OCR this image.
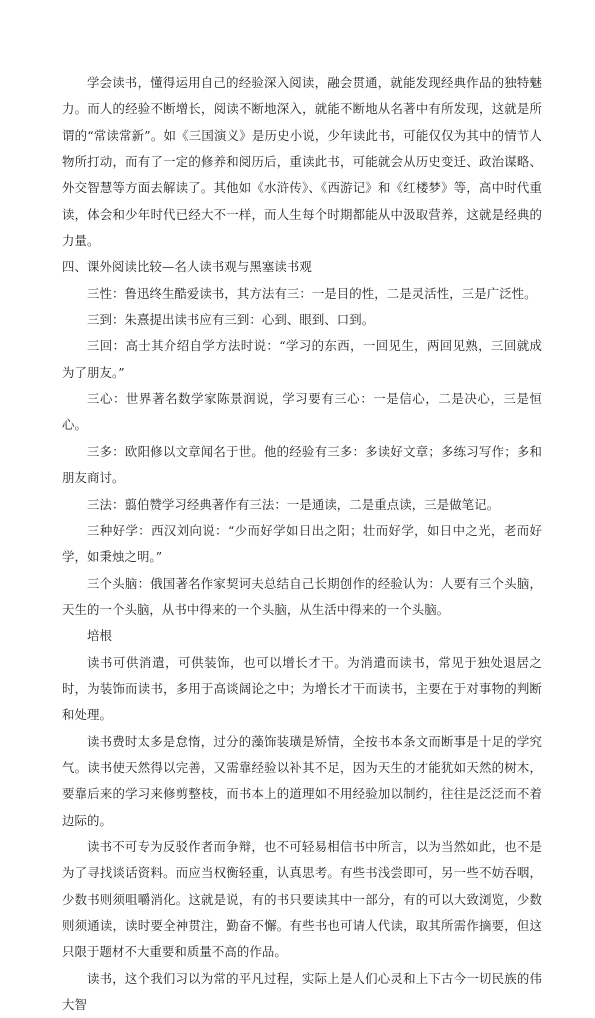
学会读书，懂得运用自己的经验深入阅读，融会贯通，就能发现经典作品的独特魅力。而人的经验不断增长，阅读不断地深入，就能不断地从名著中有所发现，这就是所谓的“常读常新”。如《三国演义》是历史小说，少年读此书，可能仅仅为其中的情节人物所打动，而有了一定的修养和阅历后，重读此书，可能就会从历史变迁、政治谋略、外交智慧等方面去解读了。其他如《水浒传》、《西游记》和《红楼梦》等，高中时代重读，体会和少年时代已经大不一样，而人生每个时期都能从中汲取营养，这就是经典的力量。

四、课外阅读比较—名人读书观与黑塞读书观

三性：鲁迅终生酷爱读书，其方法有三：一是目的性，二是灵活性，三是广泛性。

三到：朱熹提出读书应有三到：心到、眼到、口到。

三回：高士其介绍自学方法时说：“学习的东西，一回见生，两回见熟，三回就成为了朋友。”

三心：世界著名数学家陈景润说，学习要有三心：一是信心，二是决心，三是恒心。

三多：欧阳修以文章闻名于世。他的经验有三多：多读好文章；多练习写作；多和朋友商讨。

三法：翦伯赞学习经典著作有三法：一是通读，二是重点读，三是做笔记。

三种好学：西汉刘向说：“少而好学如日出之阳；壮而好学，如日中之光，老而好学，如秉烛之明。”

三个头脑：俄国著名作家契诃夫总结自己长期创作的经验认为：人要有三个头脑，天生的一个头脑，从书中得来的一个头脑，从生活中得来的一个头脑。

培根

读书可供消遣，可供装饰，也可以增长才干。为消遣而读书，常见于独处退居之时，为装饰而读书，多用于高谈阔论之中；为增长才干而读书，主要在于对事物的判断和处理。

读书费时太多是怠惰，过分的藻饰装璜是矫情，全按书本条文而断事是十足的学究气。读书使天然得以完善，又需靠经验以补其不足，因为天生的才能犹如天然的树木，要靠后来的学习来修剪整枝，而书本上的道理如不用经验加以制约，往往是泛泛而不着边际的。

读书不可专为反驳作者而争辩，也不可轻易相信书中所言，以为当然如此，也不是为了寻找谈话资料。而应当权衡轻重，认真思考。有些书浅尝即可，另一些不妨吞咽，少数书则须咀嚼消化。这就是说，有的书只要读其中一部分，有的可以大致浏览，少数则须通读，读时要全神贯注，勤奋不懈。有些书也可请人代读，取其所需作摘要，但这只限于题材不大重要和质量不高的作品。

读书，这个我们习以为常的平凡过程，实际上是人们心灵和上下古今一切民族的伟大智
